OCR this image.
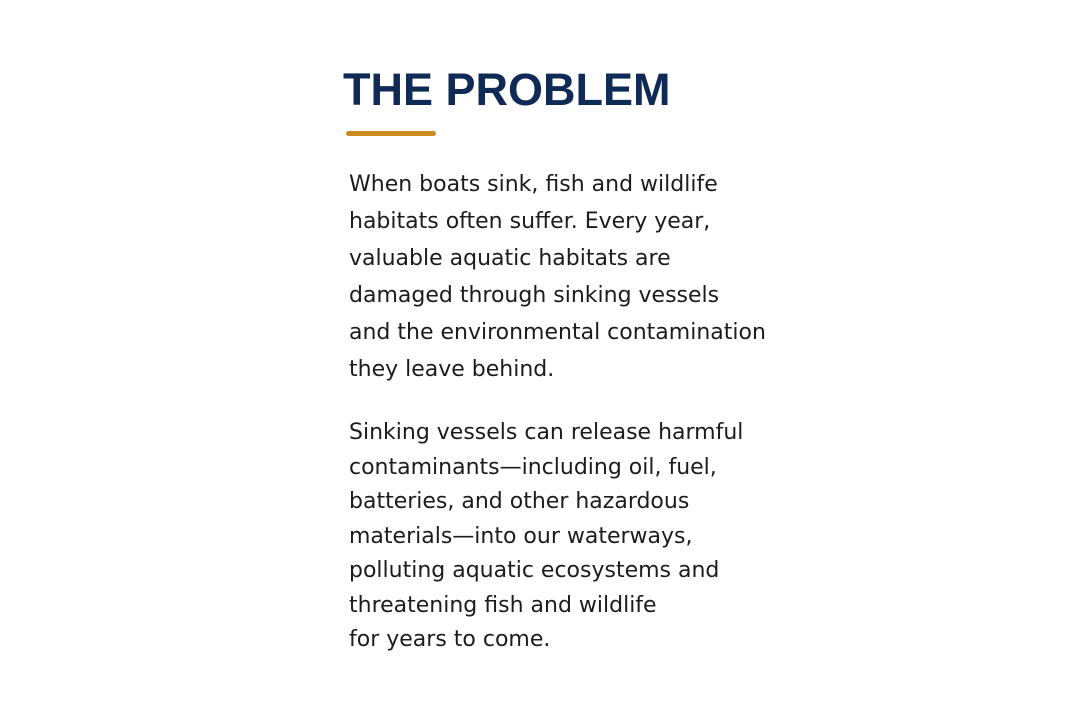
THE PROBLEM

When boats sink, fish and wildlife
habitats often suffer. Every year,
valuable aquatic habitats are
damaged through sinking vessels
and the environmental contamination
they leave behind.

Sinking vessels can release harmful
contaminants—including oil, fuel,
batteries, and other hazardous
materials—into our waterways,
polluting aquatic ecosystems and
threatening fish and wildlife
for years to come.
